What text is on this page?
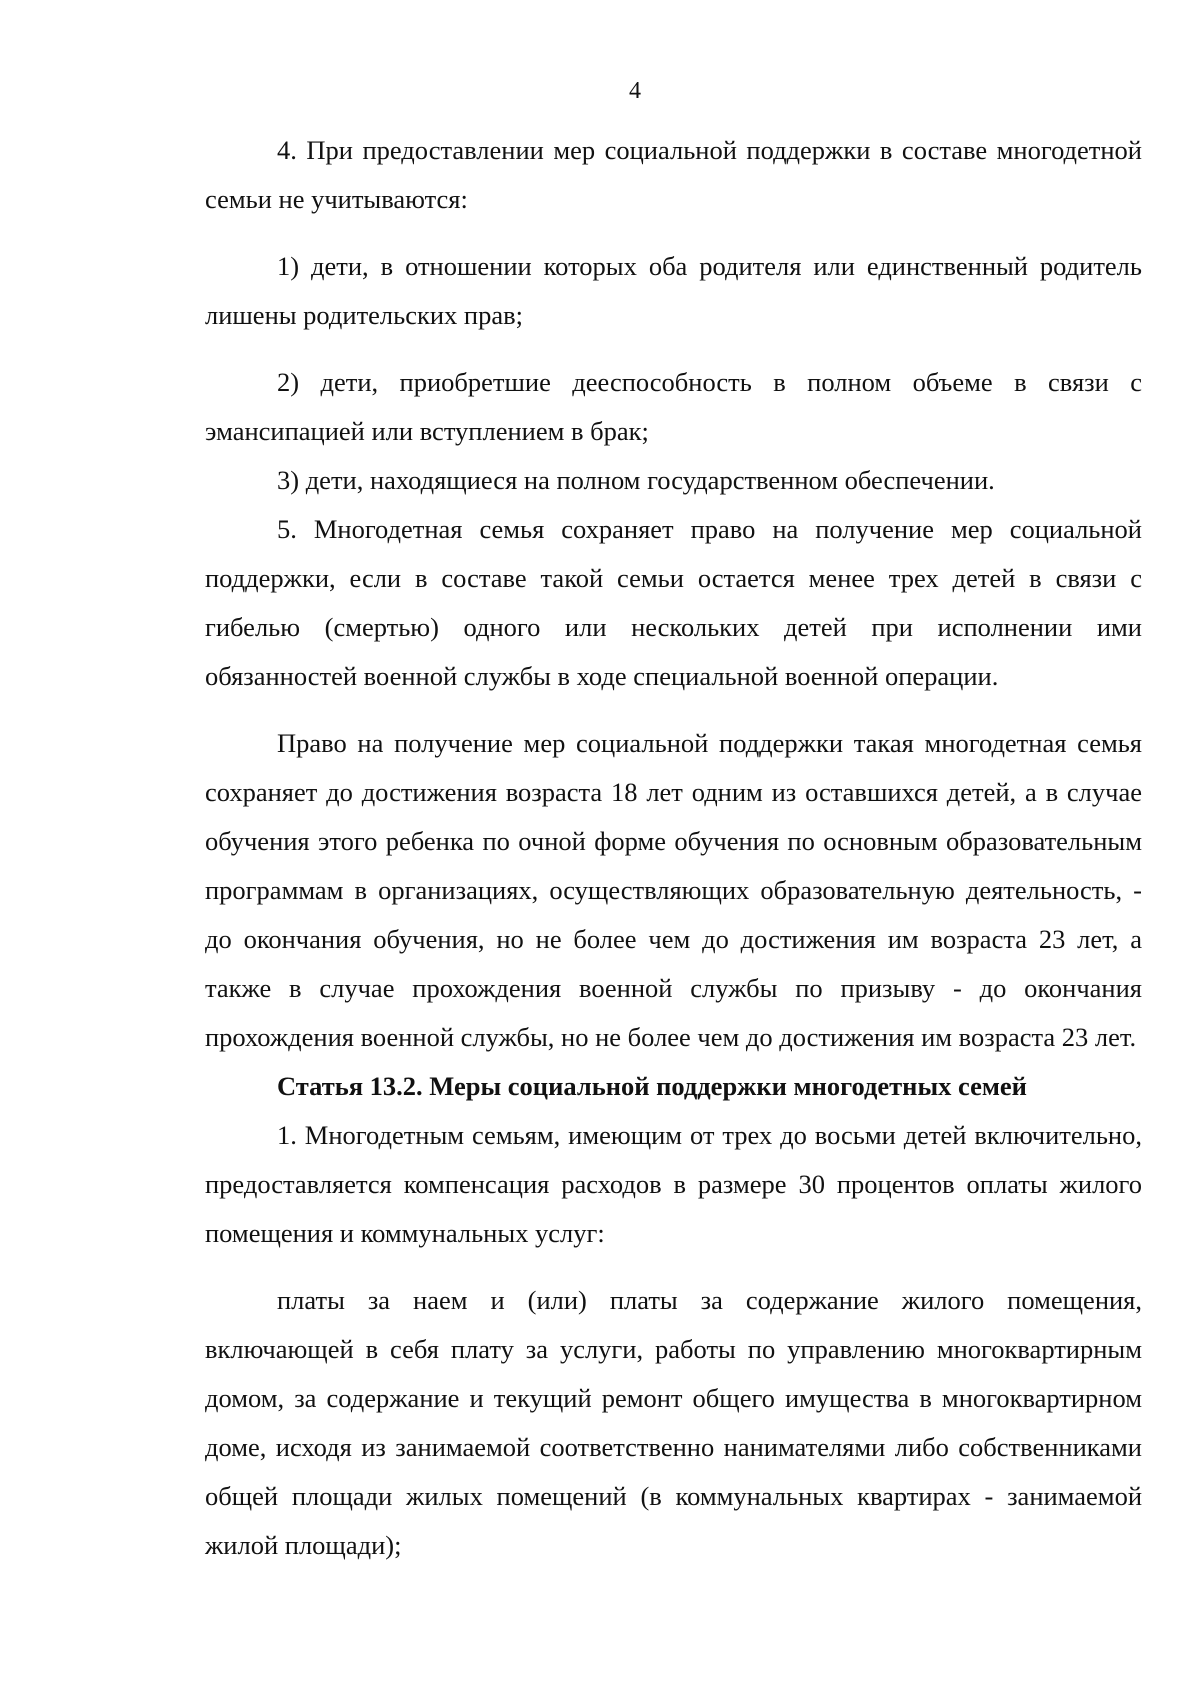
4

4. При предоставлении мер социальной поддержки в составе многодетной семьи не учитываются:

1) дети, в отношении которых оба родителя или единственный родитель лишены родительских прав;

2) дети, приобретшие дееспособность в полном объеме в связи с эмансипацией или вступлением в брак;

3) дети, находящиеся на полном государственном обеспечении.

5. Многодетная семья сохраняет право на получение мер социальной поддержки, если в составе такой семьи остается менее трех детей в связи с гибелью (смертью) одного или нескольких детей при исполнении ими обязанностей военной службы в ходе специальной военной операции.

Право на получение мер социальной поддержки такая многодетная семья сохраняет до достижения возраста 18 лет одним из оставшихся детей, а в случае обучения этого ребенка по очной форме обучения по основным образовательным программам в организациях, осуществляющих образовательную деятельность, - до окончания обучения, но не более чем до достижения им возраста 23 лет, а также в случае прохождения военной службы по призыву - до окончания прохождения военной службы, но не более чем до достижения им возраста 23 лет.

Статья 13.2. Меры социальной поддержки многодетных семей

1. Многодетным семьям, имеющим от трех до восьми детей включительно, предоставляется компенсация расходов в размере 30 процентов оплаты жилого помещения и коммунальных услуг:

платы за наем и (или) платы за содержание жилого помещения, включающей в себя плату за услуги, работы по управлению многоквартирным домом, за содержание и текущий ремонт общего имущества в многоквартирном доме, исходя из занимаемой соответственно нанимателями либо собственниками общей площади жилых помещений (в коммунальных квартирах - занимаемой жилой площади);
